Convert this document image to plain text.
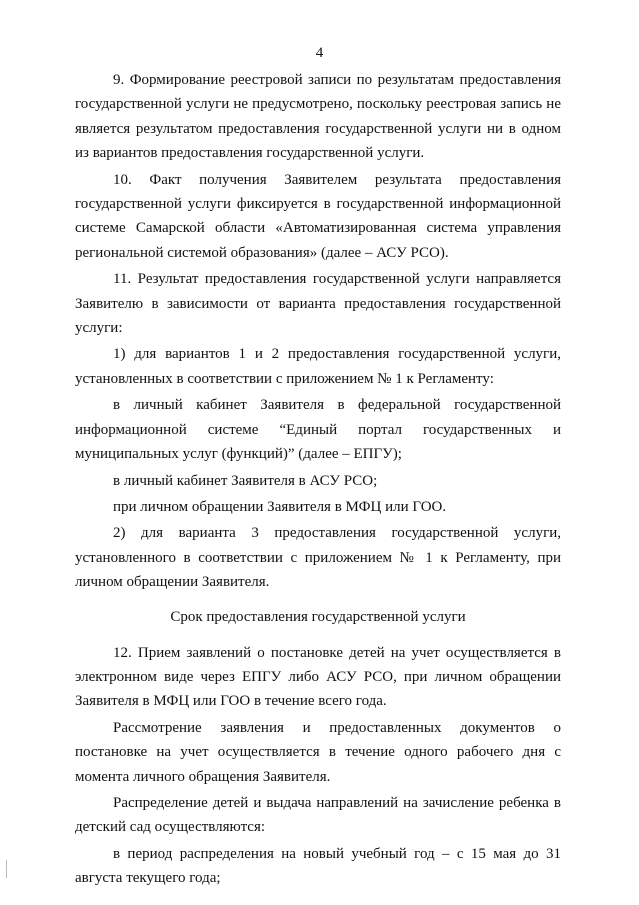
4

9. Формирование реестровой записи по результатам предоставления государственной услуги не предусмотрено, поскольку реестровая запись не является результатом предоставления государственной услуги ни в одном из вариантов предоставления государственной услуги.

10. Факт получения Заявителем результата предоставления государственной услуги фиксируется в государственной информационной системе Самарской области «Автоматизированная система управления региональной системой образования» (далее – АСУ РСО).

11. Результат предоставления государственной услуги направляется Заявителю в зависимости от варианта предоставления государственной услуги:

1) для вариантов 1 и 2 предоставления государственной услуги, установленных в соответствии с приложением № 1 к Регламенту:

в личный кабинет Заявителя в федеральной государственной информационной системе “Единый портал государственных и муниципальных услуг (функций)” (далее – ЕПГУ);

в личный кабинет Заявителя в АСУ РСО;

при личном обращении Заявителя в МФЦ или ГОО.

2) для варианта 3 предоставления государственной услуги, установленного в соответствии с приложением № 1 к Регламенту, при личном обращении Заявителя.

Срок предоставления государственной услуги

12. Прием заявлений о постановке детей на учет осуществляется в электронном виде через ЕПГУ либо АСУ РСО, при личном обращении Заявителя в МФЦ или ГОО в течение всего года.

Рассмотрение заявления и предоставленных документов о постановке на учет осуществляется в течение одного рабочего дня с момента личного обращения Заявителя.

Распределение детей и выдача направлений на зачисление ребенка в детский сад осуществляются:

в период распределения на новый учебный год – с 15 мая до 31 августа текущего года;
